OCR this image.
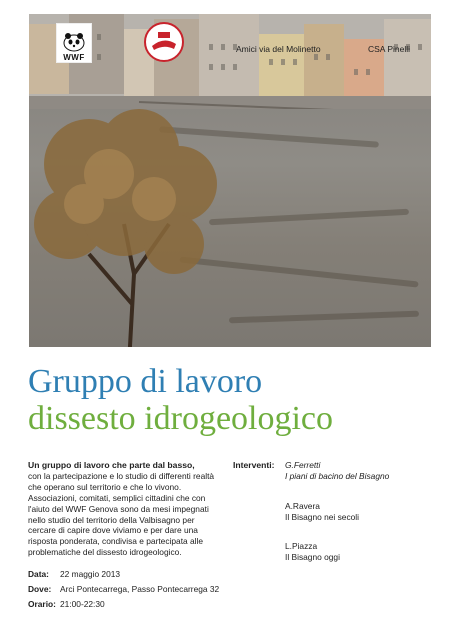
WWF
Amici via del Molinetto	CSA Pinelli
Gruppo di lavoro
dissesto idrogeologico
Un gruppo di lavoro che parte dal basso,
con la partecipazione e lo studio di differenti realtà
che operano sul territorio e che lo vivono.
Associazioni, comitati, semplici cittadini che con
l'aiuto del WWF Genova sono da mesi impegnati
nello studio del territorio della Valbisagno per
cercare di capire dove viviamo e per dare una
risposta ponderata, condivisa e partecipata alle
problematiche del dissesto idrogeologico.
Data: 22 maggio 2013
Dove: Arci Pontecarrega, Passo Pontecarrega 32
Orario: 21:00-22:30
Interventi: G.Ferretti
I piani di bacino del Bisagno
A.Ravera
Il Bisagno nei secoli
L.Piazza
Il Bisagno oggi
